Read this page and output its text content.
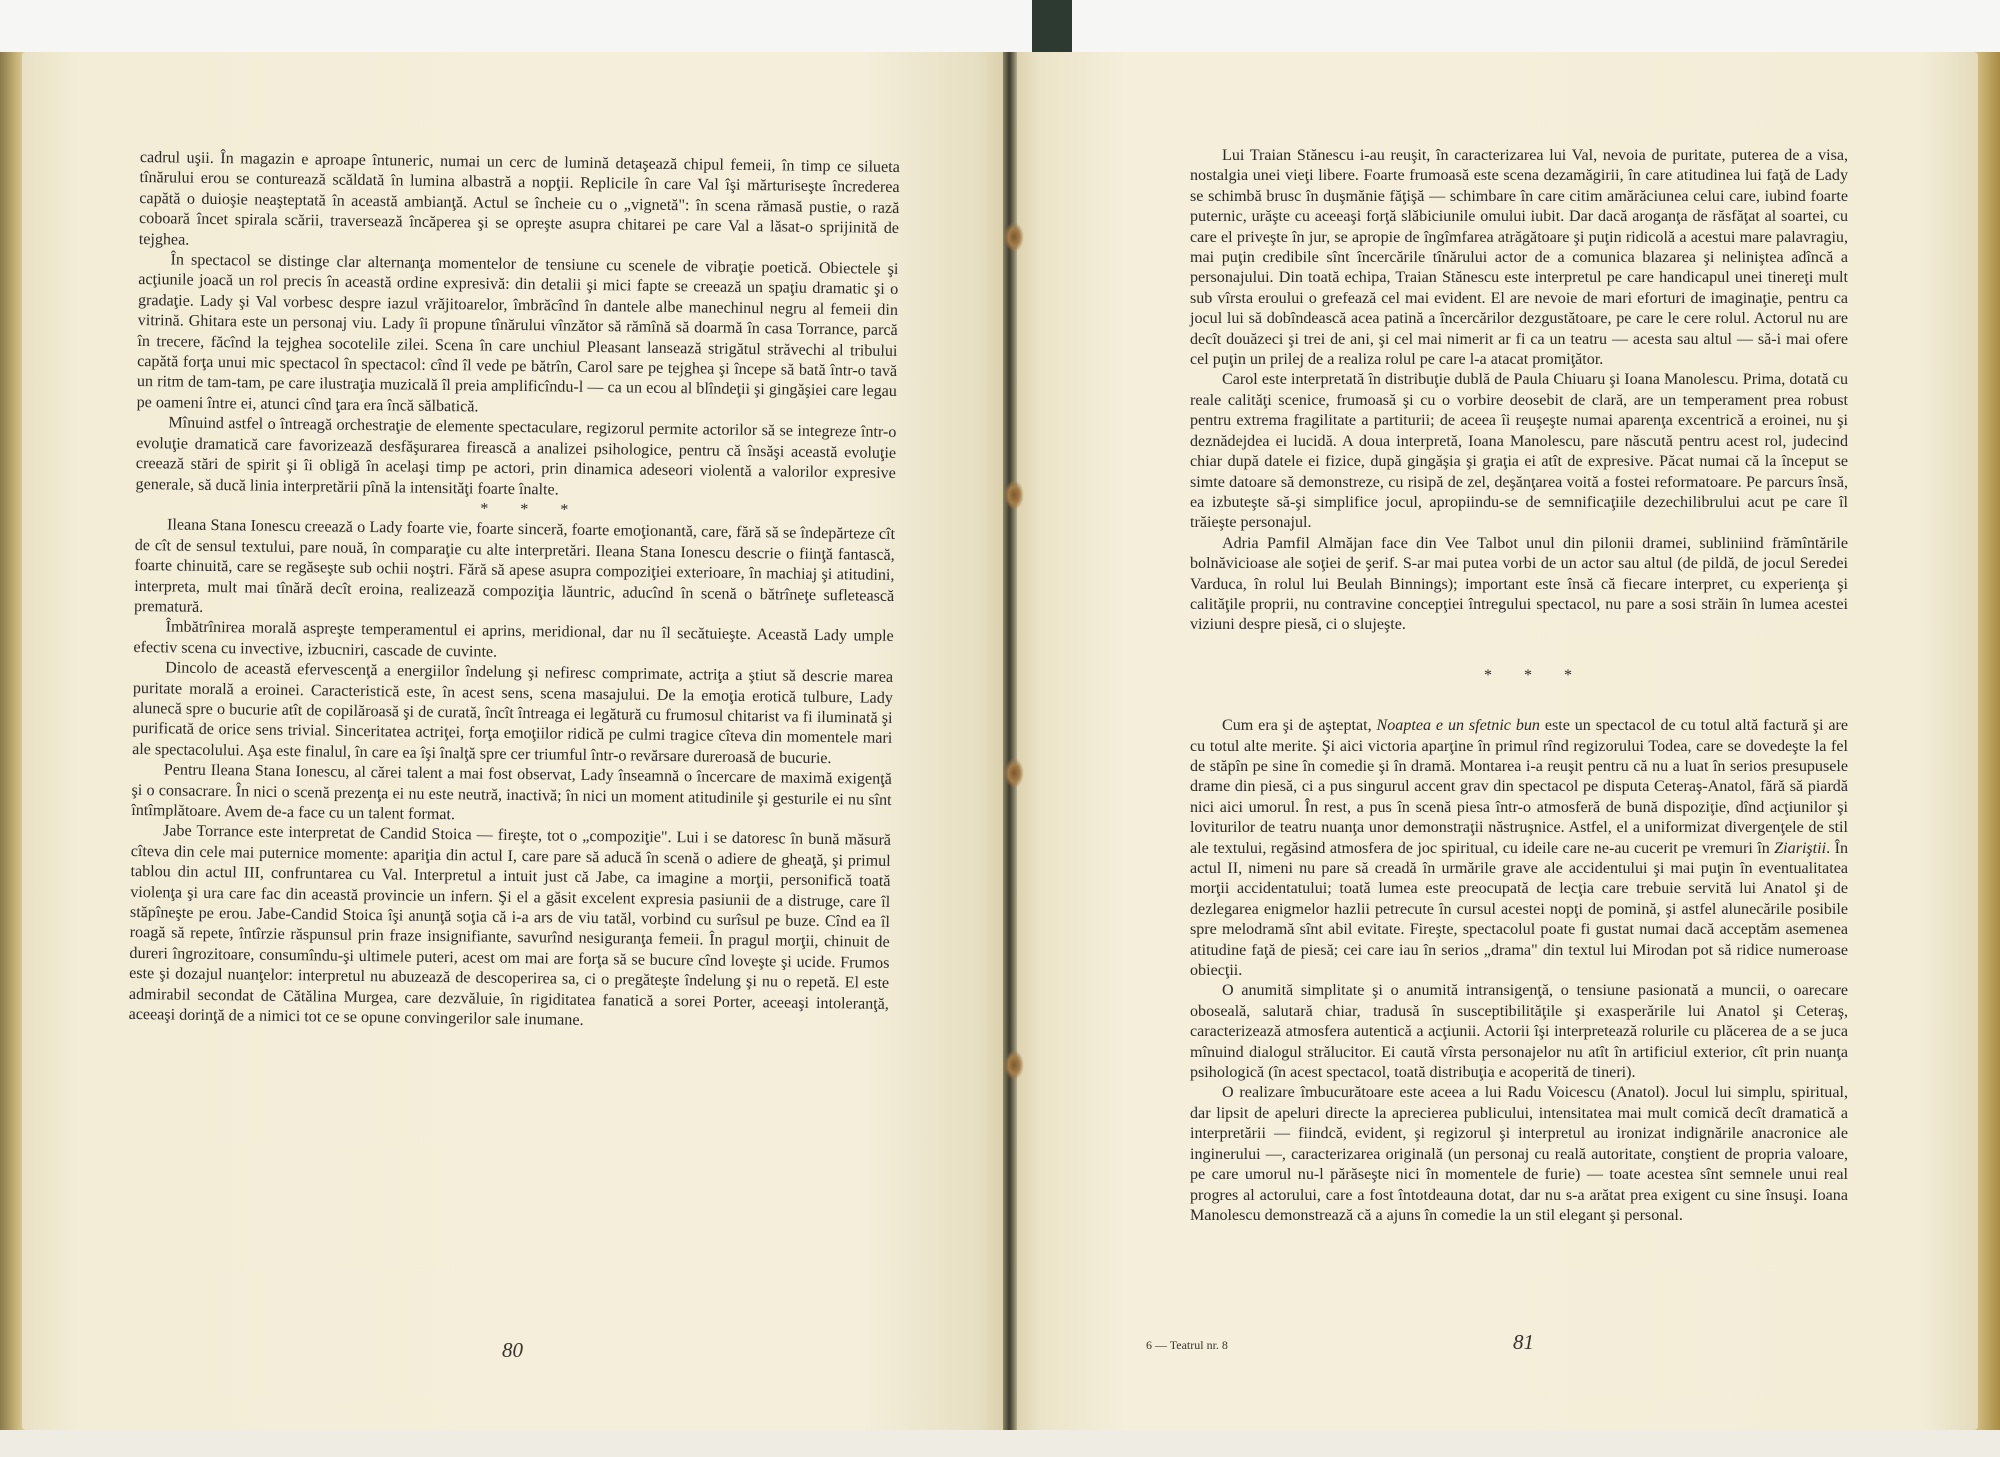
cadrul uşii. În magazin e aproape întuneric, numai un cerc de lumină detaşează chipul femeii, în timp ce silueta tînărului erou se conturează scăldată în lumina albastră a nopţii. Replicile în care Val îşi mărturiseşte încrederea capătă o duioşie neaşteptată în această ambianţă. Actul se încheie cu o „vignetă": în scena rămasă pustie, o rază coboară încet spirala scării, traversează încăperea şi se opreşte asupra chitarei pe care Val a lăsat-o sprijinită de tejghea.

În spectacol se distinge clar alternanţa momentelor de tensiune cu scenele de vibraţie poetică. Obiectele şi acţiunile joacă un rol precis în această ordine expresivă: din detalii şi mici fapte se creează un spaţiu dramatic şi o gradaţie. Lady şi Val vorbesc despre iazul vrăjitoarelor, îmbrăcînd în dantele albe manechinul negru al femeii din vitrină. Ghitara este un personaj viu. Lady îi propune tînărului vînzător să rămînă să doarmă în casa Torrance, parcă în trecere, făcînd la tejghea socotelile zilei. Scena în care unchiul Pleasant lansează strigătul străvechi al tribului capătă forţa unui mic spectacol în spectacol: cînd îl vede pe bătrîn, Carol sare pe tejghea şi începe să bată într-o tavă un ritm de tam-tam, pe care ilustraţia muzicală îl preia amplificîndu-l — ca un ecou al blîndeţii şi gingăşiei care legau pe oameni între ei, atunci cînd ţara era încă sălbatică.

Mînuind astfel o întreagă orchestraţie de elemente spectaculare, regizorul permite actorilor să se integreze într-o evoluţie dramatică care favorizează desfăşurarea firească a analizei psihologice, pentru că însăşi această evoluţie creează stări de spirit şi îi obligă în acelaşi timp pe actori, prin dinamica adeseori violentă a valorilor expresive generale, să ducă linia interpretării pînă la intensităţi foarte înalte.

* * *

Ileana Stana Ionescu creează o Lady foarte vie, foarte sinceră, foarte emoţionantă, care, fără să se îndepărteze cît de cît de sensul textului, pare nouă, în comparaţie cu alte interpretări. Ileana Stana Ionescu descrie o fiinţă fantască, foarte chinuită, care se regăseşte sub ochii noştri. Fără să apese asupra compoziţiei exterioare, în machiaj şi atitudini, interpreta, mult mai tînără decît eroina, realizează compoziţia lăuntric, aducînd în scenă o bătrîneţe sufletească prematură.

Îmbătrînirea morală aspreşte temperamentul ei aprins, meridional, dar nu îl secătuieşte. Această Lady umple efectiv scena cu invective, izbucniri, cascade de cuvinte.

Dincolo de această efervescenţă a energiilor îndelung şi nefiresc comprimate, actriţa a ştiut să descrie marea puritate morală a eroinei. Caracteristică este, în acest sens, scena masajului. De la emoţia erotică tulbure, Lady alunecă spre o bucurie atît de copilăroasă şi de curată, încît întreaga ei legătură cu frumosul chitarist va fi iluminată şi purificată de orice sens trivial. Sinceritatea actriţei, forţa emoţiilor ridică pe culmi tragice cîteva din momentele mari ale spectacolului. Aşa este finalul, în care ea îşi înalţă spre cer triumful într-o revărsare dureroasă de bucurie.

Pentru Ileana Stana Ionescu, al cărei talent a mai fost observat, Lady înseamnă o încercare de maximă exigenţă şi o consacrare. În nici o scenă prezenţa ei nu este neutră, inactivă; în nici un moment atitudinile şi gesturile ei nu sînt întîmplătoare. Avem de-a face cu un talent format.

Jabe Torrance este interpretat de Candid Stoica — fireşte, tot o „compoziţie". Lui i se datoresc în bună măsură cîteva din cele mai puternice momente: apariţia din actul I, care pare să aducă în scenă o adiere de gheaţă, şi primul tablou din actul III, confruntarea cu Val. Interpretul a intuit just că Jabe, ca imagine a morţii, personifică toată violenţa şi ura care fac din această provincie un infern. Şi el a găsit excelent expresia pasiunii de a distruge, care îl stăpîneşte pe erou. Jabe-Candid Stoica îşi anunţă soţia că i-a ars de viu tatăl, vorbind cu surîsul pe buze. Cînd ea îl roagă să repete, întîrzie răspunsul prin fraze insignifiante, savurînd nesiguranţa femeii. În pragul morţii, chinuit de dureri îngrozitoare, consumîndu-şi ultimele puteri, acest om mai are forţa să se bucure cînd loveşte şi ucide. Frumos este şi dozajul nuanţelor: interpretul nu abuzează de descoperirea sa, ci o pregăteşte îndelung şi nu o repetă. El este admirabil secondat de Cătălina Murgea, care dezvăluie, în rigiditatea fanatică a sorei Porter, aceeaşi intoleranţă, aceeaşi dorinţă de a nimici tot ce se opune convingerilor sale inumane.

80

Lui Traian Stănescu i-au reuşit, în caracterizarea lui Val, nevoia de puritate, puterea de a visa, nostalgia unei vieţi libere. Foarte frumoasă este scena dezamăgirii, în care atitudinea lui faţă de Lady se schimbă brusc în duşmănie făţişă — schimbare în care citim amărăciunea celui care, iubind foarte puternic, urăşte cu aceeaşi forţă slăbiciunile omului iubit. Dar dacă aroganţa de răsfăţat al soartei, cu care el priveşte în jur, se apropie de îngîmfarea atrăgătoare şi puţin ridicolă a acestui mare palavragiu, mai puţin credibile sînt încercările tînărului actor de a comunica blazarea şi neliniştea adîncă a personajului. Din toată echipa, Traian Stănescu este interpretul pe care handicapul unei tinereţi mult sub vîrsta eroului o grefează cel mai evident. El are nevoie de mari eforturi de imaginaţie, pentru ca jocul lui să dobîndească acea patină a încercărilor dezgustătoare, pe care le cere rolul. Actorul nu are decît douăzeci şi trei de ani, şi cel mai nimerit ar fi ca un teatru — acesta sau altul — să-i mai ofere cel puţin un prilej de a realiza rolul pe care l-a atacat promiţător.

Carol este interpretată în distribuţie dublă de Paula Chiuaru şi Ioana Manolescu. Prima, dotată cu reale calităţi scenice, frumoasă şi cu o vorbire deosebit de clară, are un temperament prea robust pentru extrema fragilitate a partiturii; de aceea îi reuşeşte numai aparenţa excentrică a eroinei, nu şi deznădejdea ei lucidă. A doua interpretă, Ioana Manolescu, pare născută pentru acest rol, judecind chiar după datele ei fizice, după gingăşia şi graţia ei atît de expresive. Păcat numai că la început se simte datoare să demonstreze, cu risipă de zel, deşănţarea voită a fostei reformatoare. Pe parcurs însă, ea izbuteşte să-şi simplifice jocul, apropiindu-se de semnificaţiile dezechilibrului acut pe care îl trăieşte personajul.

Adria Pamfil Almăjan face din Vee Talbot unul din pilonii dramei, subliniind frămîntările bolnăvicioase ale soţiei de şerif. S-ar mai putea vorbi de un actor sau altul (de pildă, de jocul Seredei Varduca, în rolul lui Beulah Binnings); important este însă că fiecare interpret, cu experienţa şi calităţile proprii, nu contravine concepţiei întregului spectacol, nu pare a sosi străin în lumea acestei viziuni despre piesă, ci o slujeşte.

* * *

Cum era şi de aşteptat, Noaptea e un sfetnic bun este un spectacol de cu totul altă factură şi are cu totul alte merite. Şi aici victoria aparţine în primul rînd regizorului Todea, care se dovedeşte la fel de stăpîn pe sine în comedie şi în dramă. Montarea i-a reuşit pentru că nu a luat în serios presupusele drame din piesă, ci a pus singurul accent grav din spectacol pe disputa Ceteraş-Anatol, fără să piardă nici aici umorul. În rest, a pus în scenă piesa într-o atmosferă de bună dispoziţie, dînd acţiunilor şi loviturilor de teatru nuanţa unor demonstraţii năstruşnice. Astfel, el a uniformizat divergenţele de stil ale textului, regăsind atmosfera de joc spiritual, cu ideile care ne-au cucerit pe vremuri în Ziariştii. În actul II, nimeni nu pare să creadă în urmările grave ale accidentului şi mai puţin în eventualitatea morţii accidentatului; toată lumea este preocupată de lecţia care trebuie servită lui Anatol şi de dezlegarea enigmelor hazlii petrecute în cursul acestei nopţi de pomină, şi astfel alunecările posibile spre melodramă sînt abil evitate. Fireşte, spectacolul poate fi gustat numai dacă acceptăm asemenea atitudine faţă de piesă; cei care iau în serios „drama" din textul lui Mirodan pot să ridice numeroase obiecţii.

O anumită simplitate şi o anumită intransigenţă, o tensiune pasionată a muncii, o oarecare oboseală, salutară chiar, tradusă în susceptibilităţile şi exasperările lui Anatol şi Ceteraş, caracterizează atmosfera autentică a acţiunii. Actorii îşi interpretează rolurile cu plăcerea de a se juca mînuind dialogul strălucitor. Ei caută vîrsta personajelor nu atît în artificiul exterior, cît prin nuanţa psihologică (în acest spectacol, toată distribuţia e acoperită de tineri).

O realizare îmbucurătoare este aceea a lui Radu Voicescu (Anatol). Jocul lui simplu, spiritual, dar lipsit de apeluri directe la aprecierea publicului, intensitatea mai mult comică decît dramatică a interpretării — fiindcă, evident, şi regizorul şi interpretul au ironizat indignările anacronice ale inginerului —, caracterizarea originală (un personaj cu reală autoritate, conştient de propria valoare, pe care umorul nu-l părăseşte nici în momentele de furie) — toate acestea sînt semnele unui real progres al actorului, care a fost întotdeauna dotat, dar nu s-a arătat prea exigent cu sine însuşi. Ioana Manolescu demonstrează că a ajuns în comedie la un stil elegant şi personal.

6 — Teatrul nr. 8	81
